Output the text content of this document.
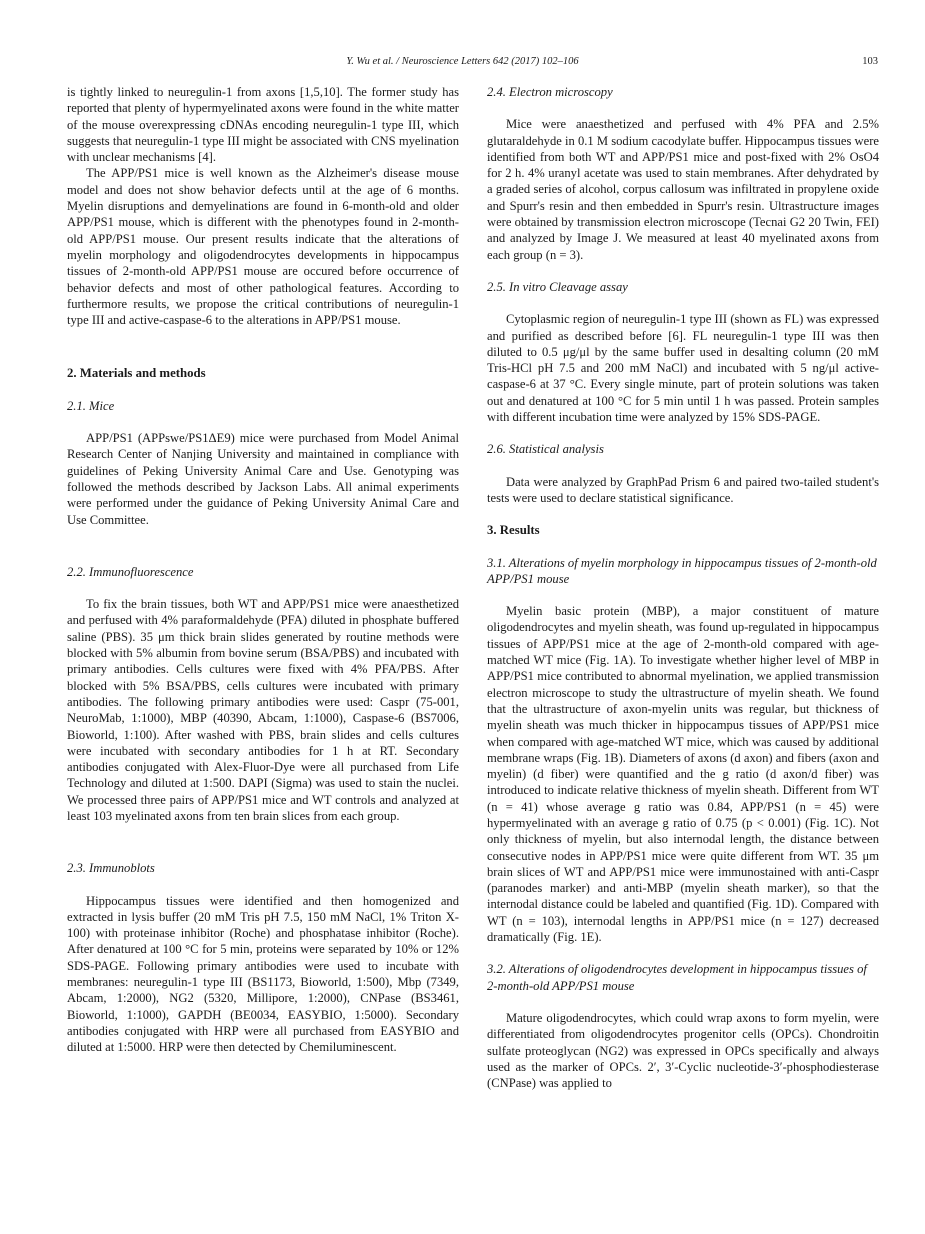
Y. Wu et al. / Neuroscience Letters 642 (2017) 102–106	103

is tightly linked to neuregulin-1 from axons [1,5,10]. The former study has reported that plenty of hypermyelinated axons were found in the white matter of the mouse overexpressing cDNAs encoding neuregulin-1 type III, which suggests that neuregulin-1 type III might be associated with CNS myelination with unclear mechanisms [4].

The APP/PS1 mice is well known as the Alzheimer's disease mouse model and does not show behavior defects until at the age of 6 months. Myelin disruptions and demyelinations are found in 6-month-old and older APP/PS1 mouse, which is different with the phenotypes found in 2-month-old APP/PS1 mouse. Our present results indicate that the alterations of myelin morphology and oligodendrocytes developments in hippocampus tissues of 2-month-old APP/PS1 mouse are occured before occurrence of behavior defects and most of other pathological features. According to furthermore results, we propose the critical contributions of neuregulin-1 type III and active-caspase-6 to the alterations in APP/PS1 mouse.

2. Materials and methods
2.1. Mice

APP/PS1 (APPswe/PS1ΔE9) mice were purchased from Model Animal Research Center of Nanjing University and maintained in compliance with guidelines of Peking University Animal Care and Use. Genotyping was followed the methods described by Jackson Labs. All animal experiments were performed under the guidance of Peking University Animal Care and Use Committee.

2.2. Immunofluorescence

To fix the brain tissues, both WT and APP/PS1 mice were anaesthetized and perfused with 4% paraformaldehyde (PFA) diluted in phosphate buffered saline (PBS). 35 μm thick brain slides generated by routine methods were blocked with 5% albumin from bovine serum (BSA/PBS) and incubated with primary antibodies. Cells cultures were fixed with 4% PFA/PBS. After blocked with 5% BSA/PBS, cells cultures were incubated with primary antibodies. The following primary antibodies were used: Caspr (75-001, NeuroMab, 1:1000), MBP (40390, Abcam, 1:1000), Caspase-6 (BS7006, Bioworld, 1:100). After washed with PBS, brain slides and cells cultures were incubated with secondary antibodies for 1 h at RT. Secondary antibodies conjugated with Alex-Fluor-Dye were all purchased from Life Technology and diluted at 1:500. DAPI (Sigma) was used to stain the nuclei. We processed three pairs of APP/PS1 mice and WT controls and analyzed at least 103 myelinated axons from ten brain slices from each group.

2.3. Immunoblots

Hippocampus tissues were identified and then homogenized and extracted in lysis buffer (20 mM Tris pH 7.5, 150 mM NaCl, 1% Triton X-100) with proteinase inhibitor (Roche) and phosphatase inhibitor (Roche). After denatured at 100 °C for 5 min, proteins were separated by 10% or 12% SDS-PAGE. Following primary antibodies were used to incubate with membranes: neuregulin-1 type III (BS1173, Bioworld, 1:500), Mbp (7349, Abcam, 1:2000), NG2 (5320, Millipore, 1:2000), CNPase (BS3461, Bioworld, 1:1000), GAPDH (BE0034, EASYBIO, 1:5000). Secondary antibodies conjugated with HRP were all purchased from EASYBIO and diluted at 1:5000. HRP were then detected by Chemiluminescent.

2.4. Electron microscopy

Mice were anaesthetized and perfused with 4% PFA and 2.5% glutaraldehyde in 0.1 M sodium cacodylate buffer. Hippocampus tissues were identified from both WT and APP/PS1 mice and post-fixed with 2% OsO4 for 2 h. 4% uranyl acetate was used to stain membranes. After dehydrated by a graded series of alcohol, corpus callosum was infiltrated in propylene oxide and Spurr's resin and then embedded in Spurr's resin. Ultrastructure images were obtained by transmission electron microscope (Tecnai G2 20 Twin, FEI) and analyzed by Image J. We measured at least 40 myelinated axons from each group (n = 3).

2.5. In vitro Cleavage assay

Cytoplasmic region of neuregulin-1 type III (shown as FL) was expressed and purified as described before [6]. FL neuregulin-1 type III was then diluted to 0.5 μg/μl by the same buffer used in desalting column (20 mM Tris-HCl pH 7.5 and 200 mM NaCl) and incubated with 5 ng/μl active-caspase-6 at 37 °C. Every single minute, part of protein solutions was taken out and denatured at 100 °C for 5 min until 1 h was passed. Protein samples with different incubation time were analyzed by 15% SDS-PAGE.

2.6. Statistical analysis

Data were analyzed by GraphPad Prism 6 and paired two-tailed student's tests were used to declare statistical significance.

3. Results
3.1. Alterations of myelin morphology in hippocampus tissues of 2-month-old APP/PS1 mouse

Myelin basic protein (MBP), a major constituent of mature oligodendrocytes and myelin sheath, was found up-regulated in hippocampus tissues of APP/PS1 mice at the age of 2-month-old compared with age-matched WT mice (Fig. 1A). To investigate whether higher level of MBP in APP/PS1 mice contributed to abnormal myelination, we applied transmission electron microscope to study the ultrastructure of myelin sheath. We found that the ultrastructure of axon-myelin units was regular, but thickness of myelin sheath was much thicker in hippocampus tissues of APP/PS1 mice when compared with age-matched WT mice, which was caused by additional membrane wraps (Fig. 1B). Diameters of axons (d axon) and fibers (axon and myelin) (d fiber) were quantified and the g ratio (d axon/d fiber) was introduced to indicate relative thickness of myelin sheath. Different from WT (n = 41) whose average g ratio was 0.84, APP/PS1 (n = 45) were hypermyelinated with an average g ratio of 0.75 (p < 0.001) (Fig. 1C). Not only thickness of myelin, but also internodal length, the distance between consecutive nodes in APP/PS1 mice were quite different from WT. 35 μm brain slices of WT and APP/PS1 mice were immunostained with anti-Caspr (paranodes marker) and anti-MBP (myelin sheath marker), so that the internodal distance could be labeled and quantified (Fig. 1D). Compared with WT (n = 103), internodal lengths in APP/PS1 mice (n = 127) decreased dramatically (Fig. 1E).

3.2. Alterations of oligodendrocytes development in hippocampus tissues of 2-month-old APP/PS1 mouse

Mature oligodendrocytes, which could wrap axons to form myelin, were differentiated from oligodendrocytes progenitor cells (OPCs). Chondroitin sulfate proteoglycan (NG2) was expressed in OPCs specifically and always used as the marker of OPCs. 2′, 3′-Cyclic nucleotide-3′-phosphodiesterase (CNPase) was applied to
